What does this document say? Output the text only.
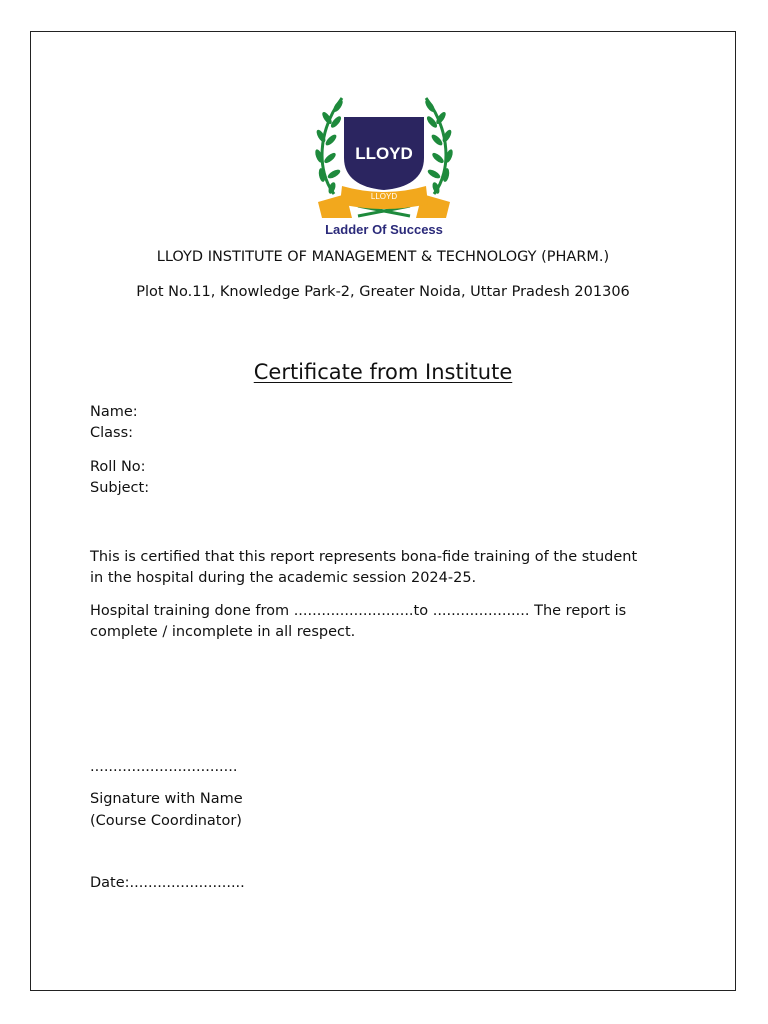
LLOYD
LLOYD
Ladder Of Success
LLOYD INSTITUTE OF MANAGEMENT & TECHNOLOGY (PHARM.)
Plot No.11, Knowledge Park-2, Greater Noida, Uttar Pradesh 201306
Certificate from Institute
Name:
Class:
Roll No:
Subject:
This is certified that this report represents bona-fide training of the student
in the hospital during the academic session 2024-25.
Hospital training done from ..........................to ..................... The report is
complete / incomplete in all respect.
................................
Signature with Name
(Course Coordinator)
Date:.........................
